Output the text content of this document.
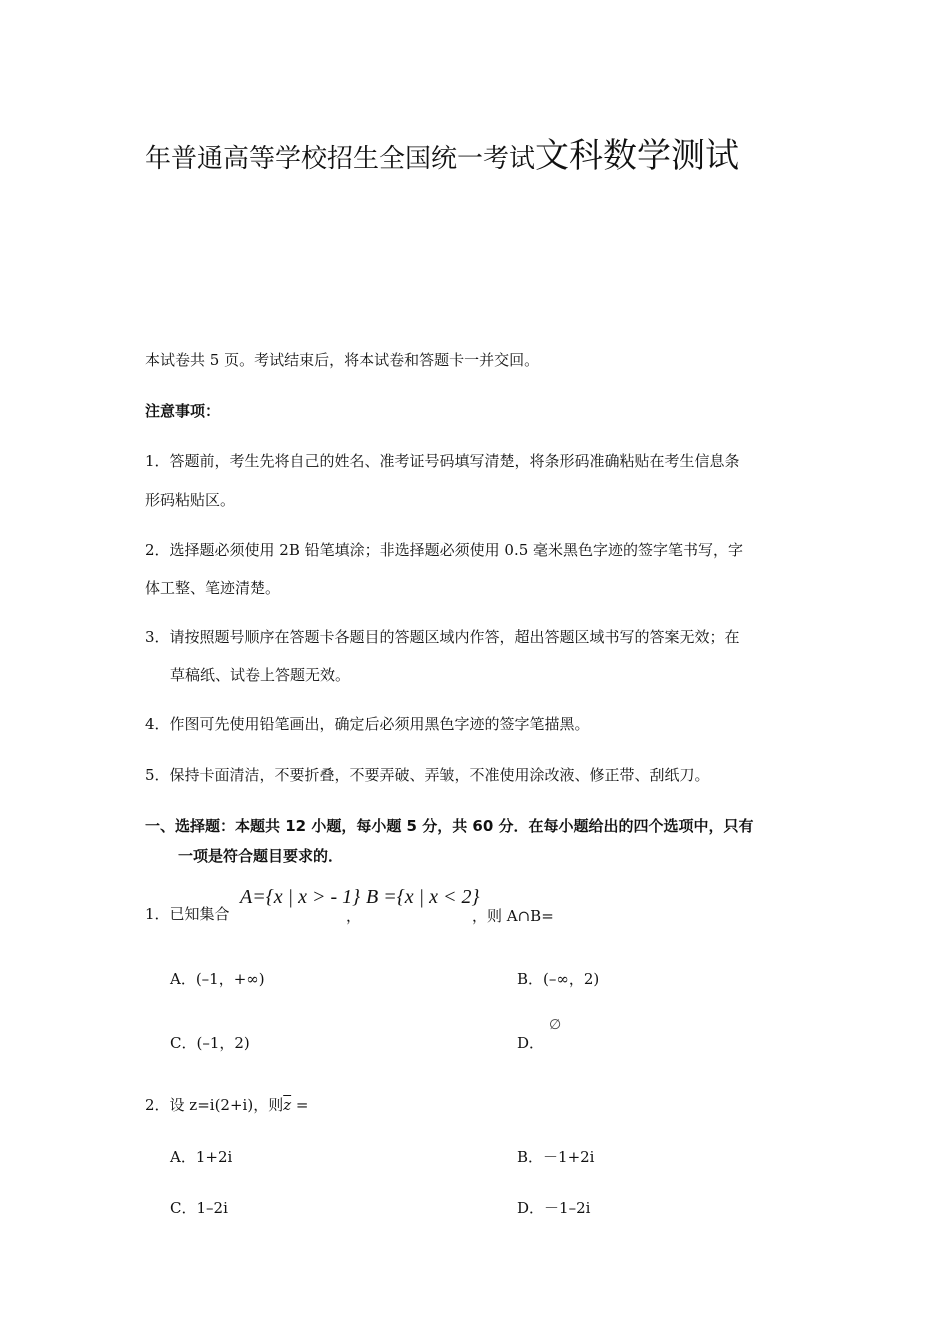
年普通高等学校招生全国统一考试文科数学测试
本试卷共 5 页。考试结束后，将本试卷和答题卡一并交回。
注意事项：
1．答题前，考生先将自己的姓名、准考证号码填写清楚，将条形码准确粘贴在考生信息条
形码粘贴区。
2．选择题必须使用 2B 铅笔填涂；非选择题必须使用 0.5 毫米黑色字迹的签字笔书写，字
体工整、笔迹清楚。
3．请按照题号顺序在答题卡各题目的答题区域内作答，超出答题区域书写的答案无效；在
草稿纸、试卷上答题无效。
4．作图可先使用铅笔画出，确定后必须用黑色字迹的签字笔描黑。
5．保持卡面清洁，不要折叠，不要弄破、弄皱，不准使用涂改液、修正带、刮纸刀。
一、选择题：本题共 12 小题，每小题 5 分，共 60 分．在每小题给出的四个选项中，只有
一项是符合题目要求的．
1．已知集合
A={x | x > - 1}
，
B ={x | x < 2}
，则 A∩B=
A．(–1，+∞)	B．(–∞，2)
C．(–1，2)	D．
∅
2．设 z=i(2+i)，则$\overline{z}$ =
A．1+2i	B．－1+2i
C．1–2i	D．－1–2i
